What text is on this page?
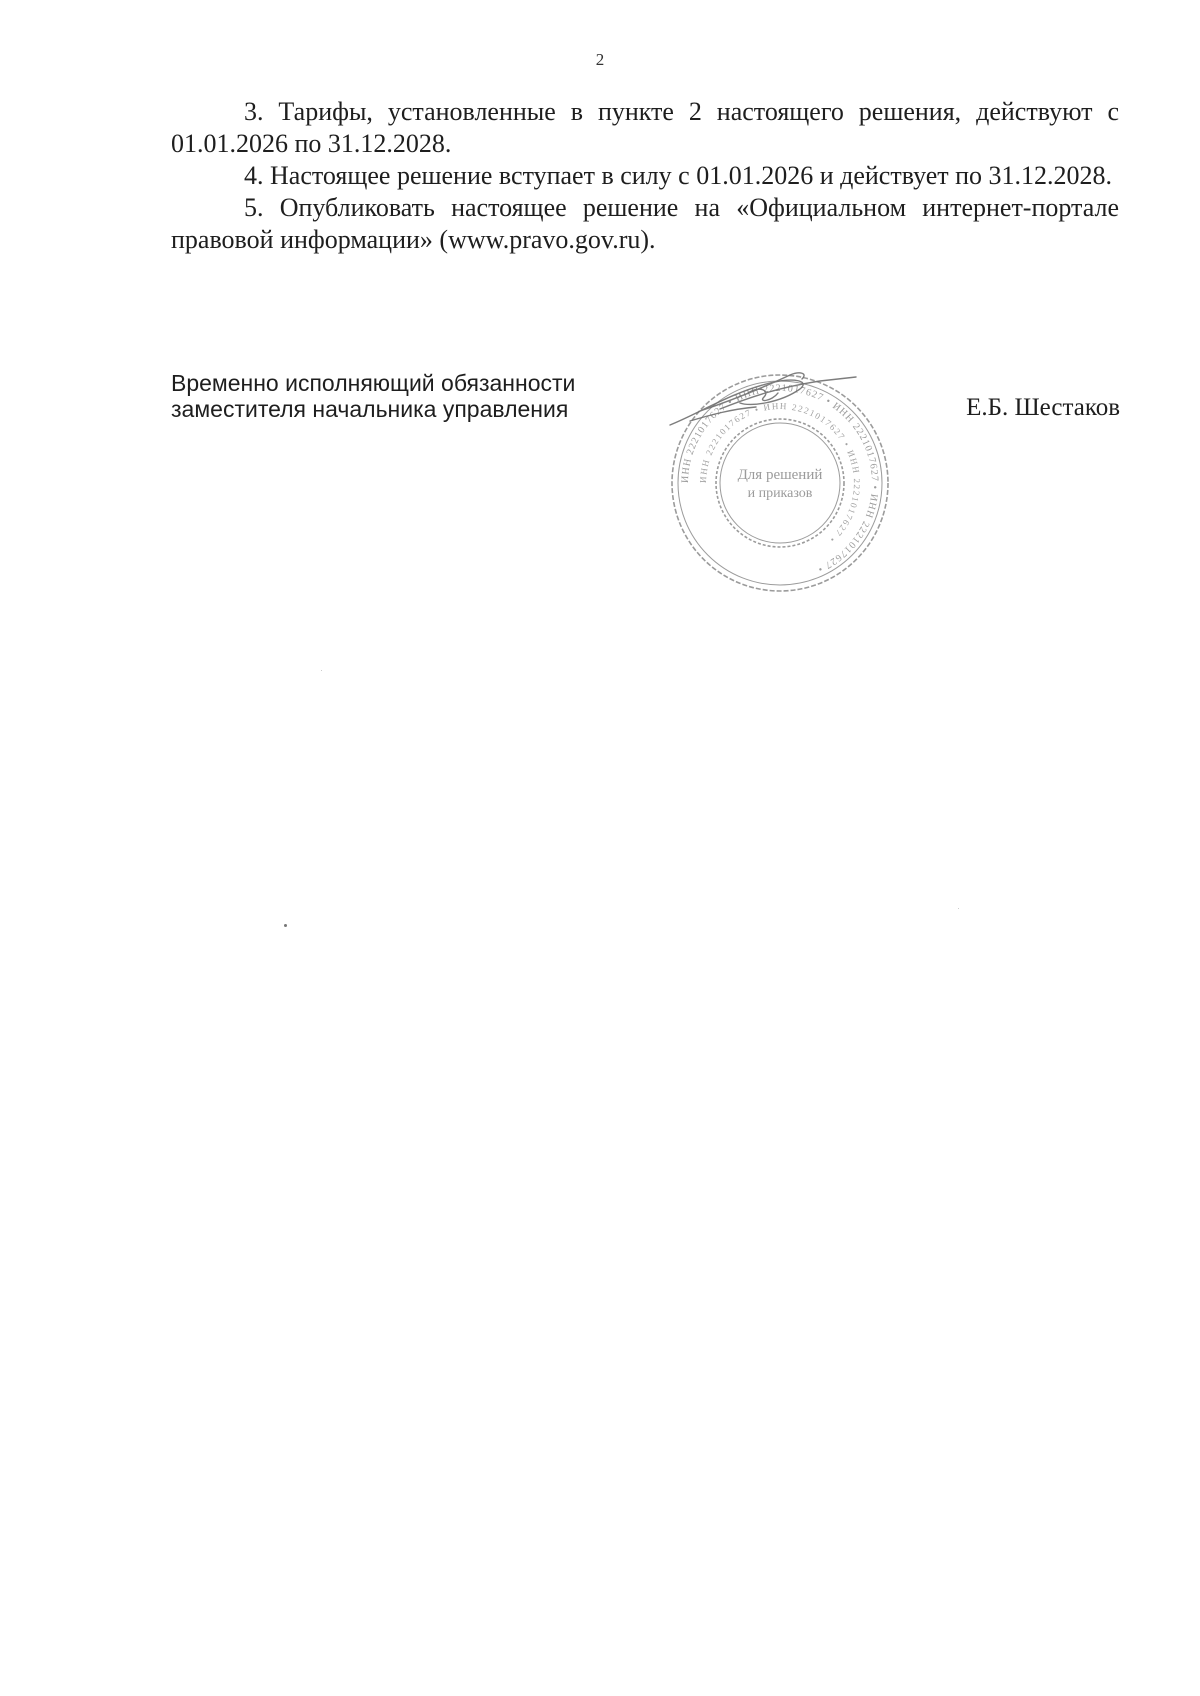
2

3. Тарифы, установленные в пункте 2 настоящего решения, действуют с 01.01.2026 по 31.12.2028.

4. Настоящее решение вступает в силу с 01.01.2026 и действует по 31.12.2028.

5. Опубликовать настоящее решение на «Официальном интернет-портале правовой информации» (www.pravo.gov.ru).

Временно исполняющий обязанности
заместителя начальника управления
ИНН 2221017627 • ИНН 2221017627 • ИНН 2221017627 • ИНН 2221017627 •
ИНН 2221017627 • ИНН 2221017627 • ИНН 2221017627 •
Для решений
и приказов
Е.Б. Шестаков
